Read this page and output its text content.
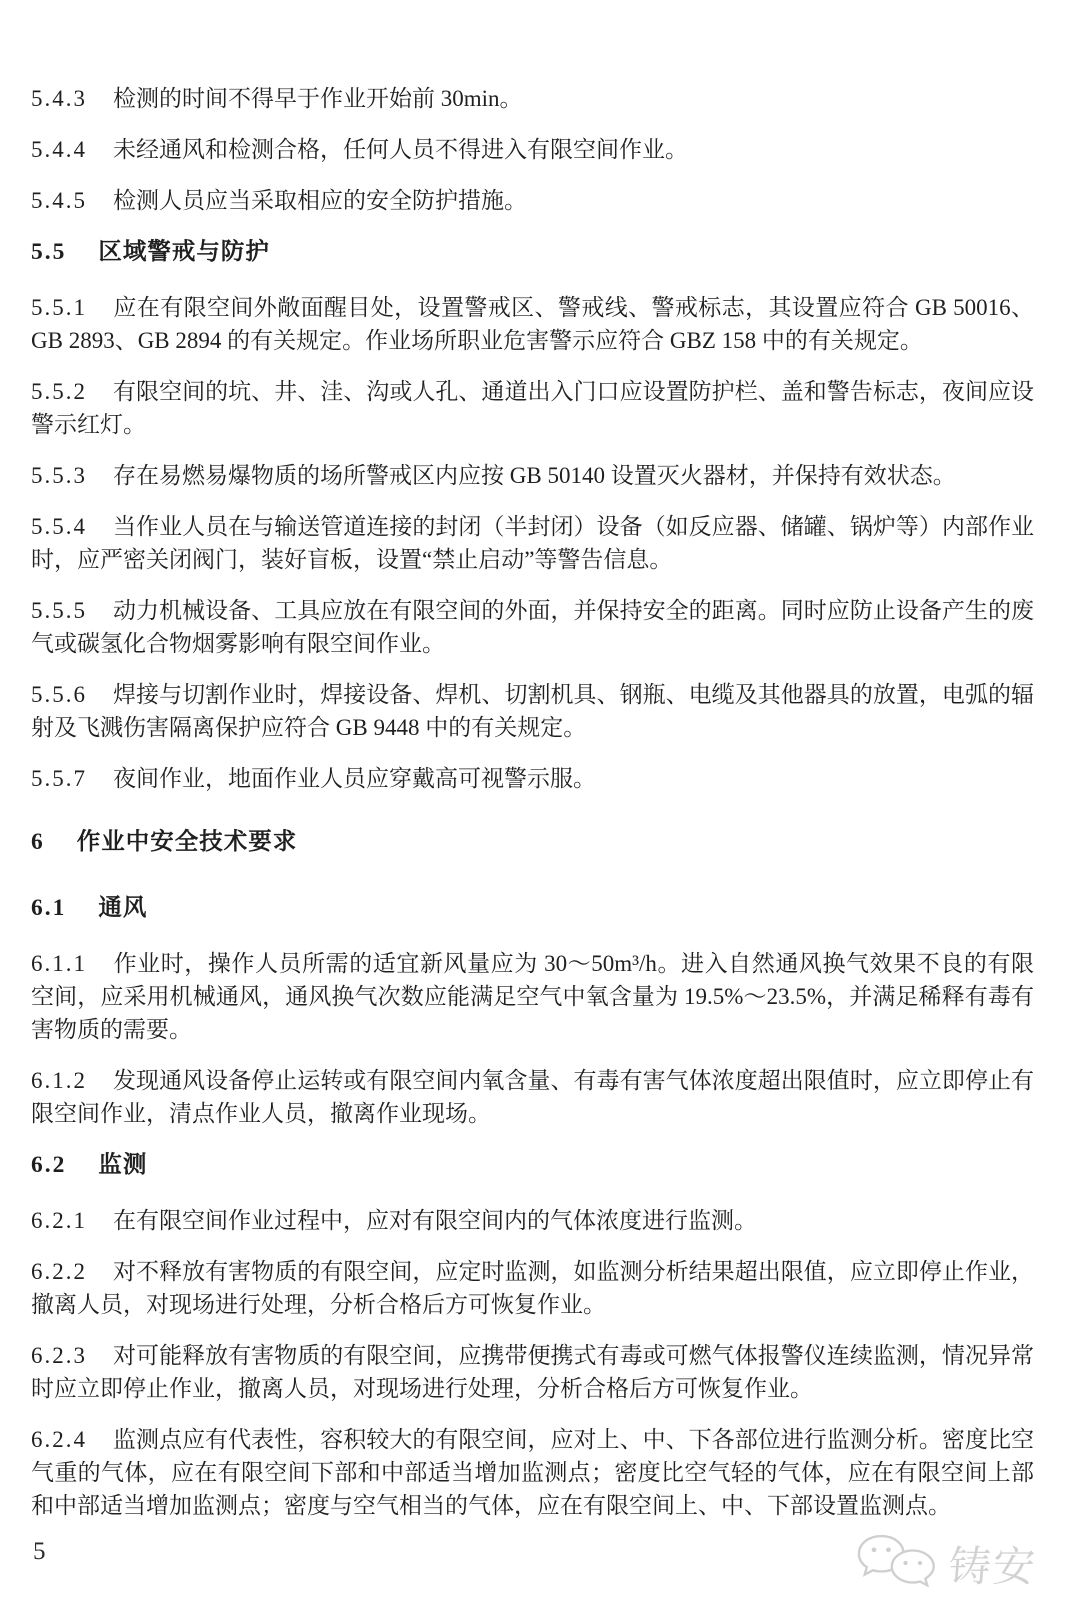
5.4.3 检测的时间不得早于作业开始前 30min。

5.4.4 未经通风和检测合格，任何人员不得进入有限空间作业。

5.4.5 检测人员应当采取相应的安全防护措施。

5.5 区域警戒与防护

5.5.1 应在有限空间外敞面醒目处，设置警戒区、警戒线、警戒标志，其设置应符合 GB 50016、GB 2893、GB 2894 的有关规定。作业场所职业危害警示应符合 GBZ 158 中的有关规定。

5.5.2 有限空间的坑、井、洼、沟或人孔、通道出入门口应设置防护栏、盖和警告标志，夜间应设警示红灯。

5.5.3 存在易燃易爆物质的场所警戒区内应按 GB 50140 设置灭火器材，并保持有效状态。

5.5.4 当作业人员在与输送管道连接的封闭（半封闭）设备（如反应器、储罐、锅炉等）内部作业时，应严密关闭阀门，装好盲板，设置“禁止启动”等警告信息。

5.5.5 动力机械设备、工具应放在有限空间的外面，并保持安全的距离。同时应防止设备产生的废气或碳氢化合物烟雾影响有限空间作业。

5.5.6 焊接与切割作业时，焊接设备、焊机、切割机具、钢瓶、电缆及其他器具的放置，电弧的辐射及飞溅伤害隔离保护应符合 GB 9448 中的有关规定。

5.5.7 夜间作业，地面作业人员应穿戴高可视警示服。

6 作业中安全技术要求

6.1 通风

6.1.1 作业时，操作人员所需的适宜新风量应为 30～50m³/h。进入自然通风换气效果不良的有限空间，应采用机械通风，通风换气次数应能满足空气中氧含量为 19.5%～23.5%，并满足稀释有毒有害物质的需要。

6.1.2 发现通风设备停止运转或有限空间内氧含量、有毒有害气体浓度超出限值时，应立即停止有限空间作业，清点作业人员，撤离作业现场。

6.2 监测

6.2.1 在有限空间作业过程中，应对有限空间内的气体浓度进行监测。

6.2.2 对不释放有害物质的有限空间，应定时监测，如监测分析结果超出限值，应立即停止作业，撤离人员，对现场进行处理，分析合格后方可恢复作业。

6.2.3 对可能释放有害物质的有限空间，应携带便携式有毒或可燃气体报警仪连续监测，情况异常时应立即停止作业，撤离人员，对现场进行处理，分析合格后方可恢复作业。

6.2.4 监测点应有代表性，容积较大的有限空间，应对上、中、下各部位进行监测分析。密度比空气重的气体，应在有限空间下部和中部适当增加监测点；密度比空气轻的气体，应在有限空间上部和中部适当增加监测点；密度与空气相当的气体，应在有限空间上、中、下部设置监测点。

5	铸安
